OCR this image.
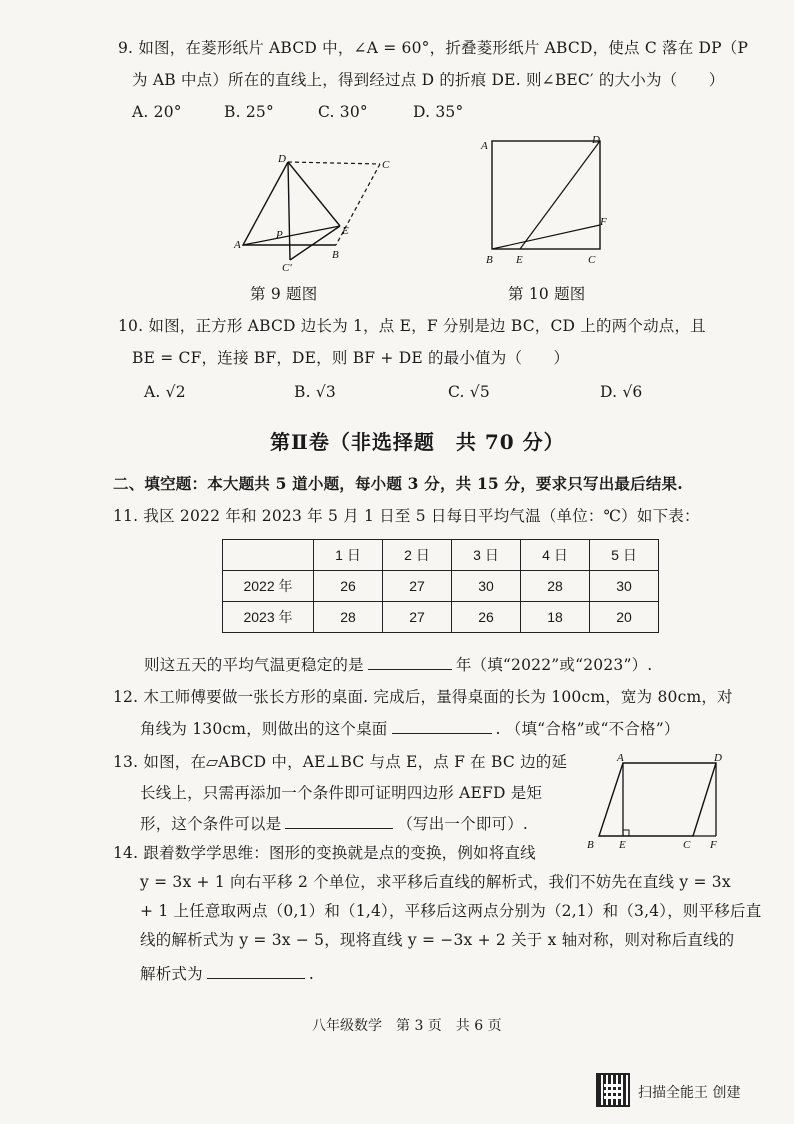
9. 如图，在菱形纸片 ABCD 中，∠A = 60°，折叠菱形纸片 ABCD，使点 C 落在 DP（P
为 AB 中点）所在的直线上，得到经过点 D 的折痕 DE. 则∠BEC′ 的大小为（　　）
A. 20°	B. 25°	C. 30°	D. 35°
D	C
A
P	E
B
C′
第 9 题图
A	D
F
B E	C
第 10 题图
10. 如图，正方形 ABCD 边长为 1，点 E，F 分别是边 BC，CD 上的两个动点，且
BE = CF，连接 BF，DE，则 BF + DE 的最小值为（　　）
A. √2	B. √3	C. √5	D. √6
第Ⅱ卷（非选择题　共 70 分）
二、填空题：本大题共 5 道小题，每小题 3 分，共 15 分，要求只写出最后结果.
11. 我区 2022 年和 2023 年 5 月 1 日至 5 日每日平均气温（单位：℃）如下表：
	1 日	2 日	3 日	4 日	5 日
2022 年	26	27	30	28	30
2023 年	28	27	26	18	20
则这五天的平均气温更稳定的是	年（填“2022”或“2023”）.
12. 木工师傅要做一张长方形的桌面. 完成后，量得桌面的长为 100cm，宽为 80cm，对
角线为 130cm，则做出的这个桌面	. （填“合格”或“不合格”）
13. 如图，在▱ABCD 中，AE⊥BC 与点 E，点 F 在 BC 边的延
长线上，只需再添加一个条件即可证明四边形 AEFD 是矩
形，这个条件可以是	（写出一个即可）.
A	D
B E	C F
14. 跟着数学学思维：图形的变换就是点的变换，例如将直线
y = 3x + 1 向右平移 2 个单位，求平移后直线的解析式，我们不妨先在直线 y = 3x
+ 1 上任意取两点（0,1）和（1,4），平移后这两点分别为（2,1）和（3,4），则平移后直
线的解析式为 y = 3x − 5，现将直线 y = −3x + 2 关于 x 轴对称，则对称后直线的
解析式为	.
八年级数学　第 3 页　共 6 页
扫描全能王 创建
